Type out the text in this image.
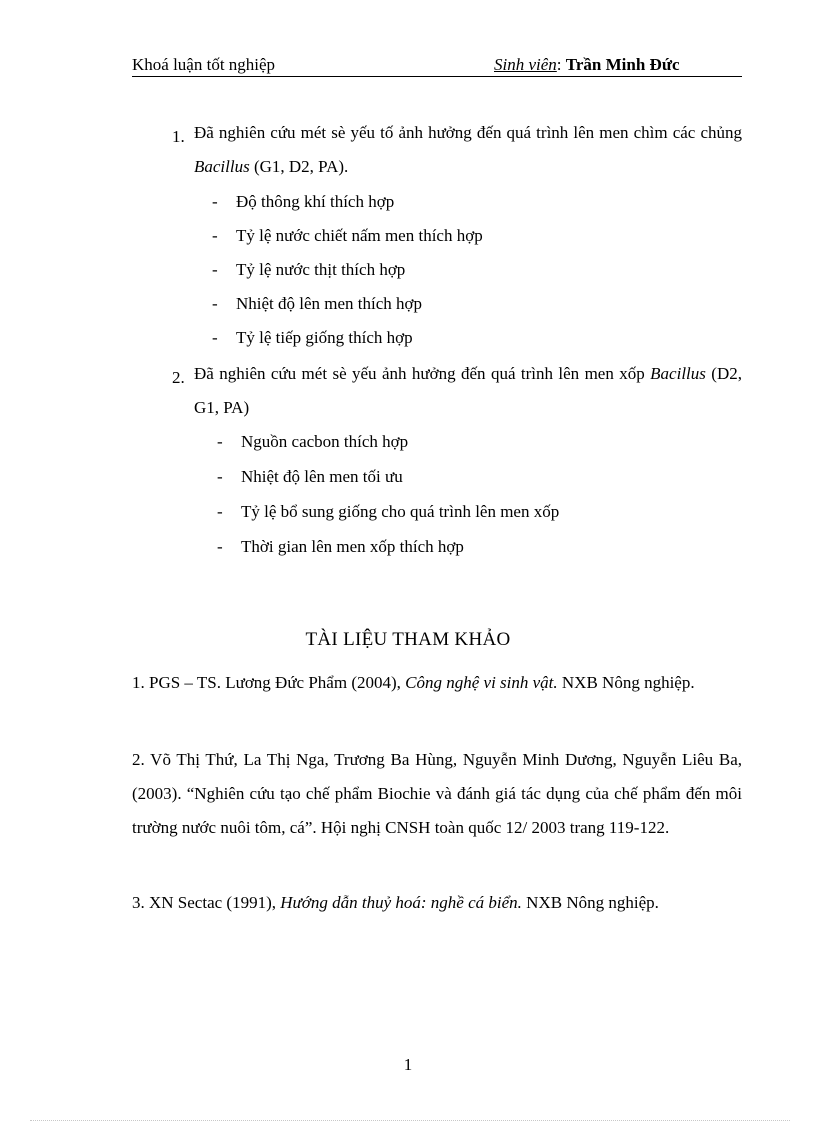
Khoá luận tốt nghiệp	Sinh viên: Trần Minh Đức
1. Đã nghiên cứu mét sè yếu tố ảnh hưởng đến quá trình lên men chìm các chủng Bacillus (G1, D2, PA).
- Độ thông khí thích hợp
- Tỷ lệ nước chiết nấm men thích hợp
- Tỷ lệ nước thịt thích hợp
- Nhiệt độ lên men thích hợp
- Tỷ lệ tiếp giống thích hợp
2. Đã nghiên cứu mét sè yếu ảnh hưởng đến quá trình lên men xốp Bacillus (D2, G1, PA)
- Nguồn cacbon thích hợp
- Nhiệt độ lên men tối ưu
- Tỷ lệ bổ sung giống cho quá trình lên men xốp
- Thời gian lên men xốp thích hợp
TÀI LIỆU THAM KHẢO
1. PGS – TS. Lương Đức Phẩm (2004), Công nghệ vi sinh vật. NXB Nông nghiệp.
2. Võ Thị Thứ, La Thị Nga, Trương Ba Hùng, Nguyễn Minh Dương, Nguyễn Liêu Ba, (2003). “Nghiên cứu tạo chế phẩm Biochie và đánh giá tác dụng của chế phẩm đến môi trường nước nuôi tôm, cá”. Hội nghị CNSH toàn quốc 12/ 2003 trang 119-122.
3. XN Sectac (1991), Hướng dẫn thuỷ hoá: nghề cá biển. NXB Nông nghiệp.
1
